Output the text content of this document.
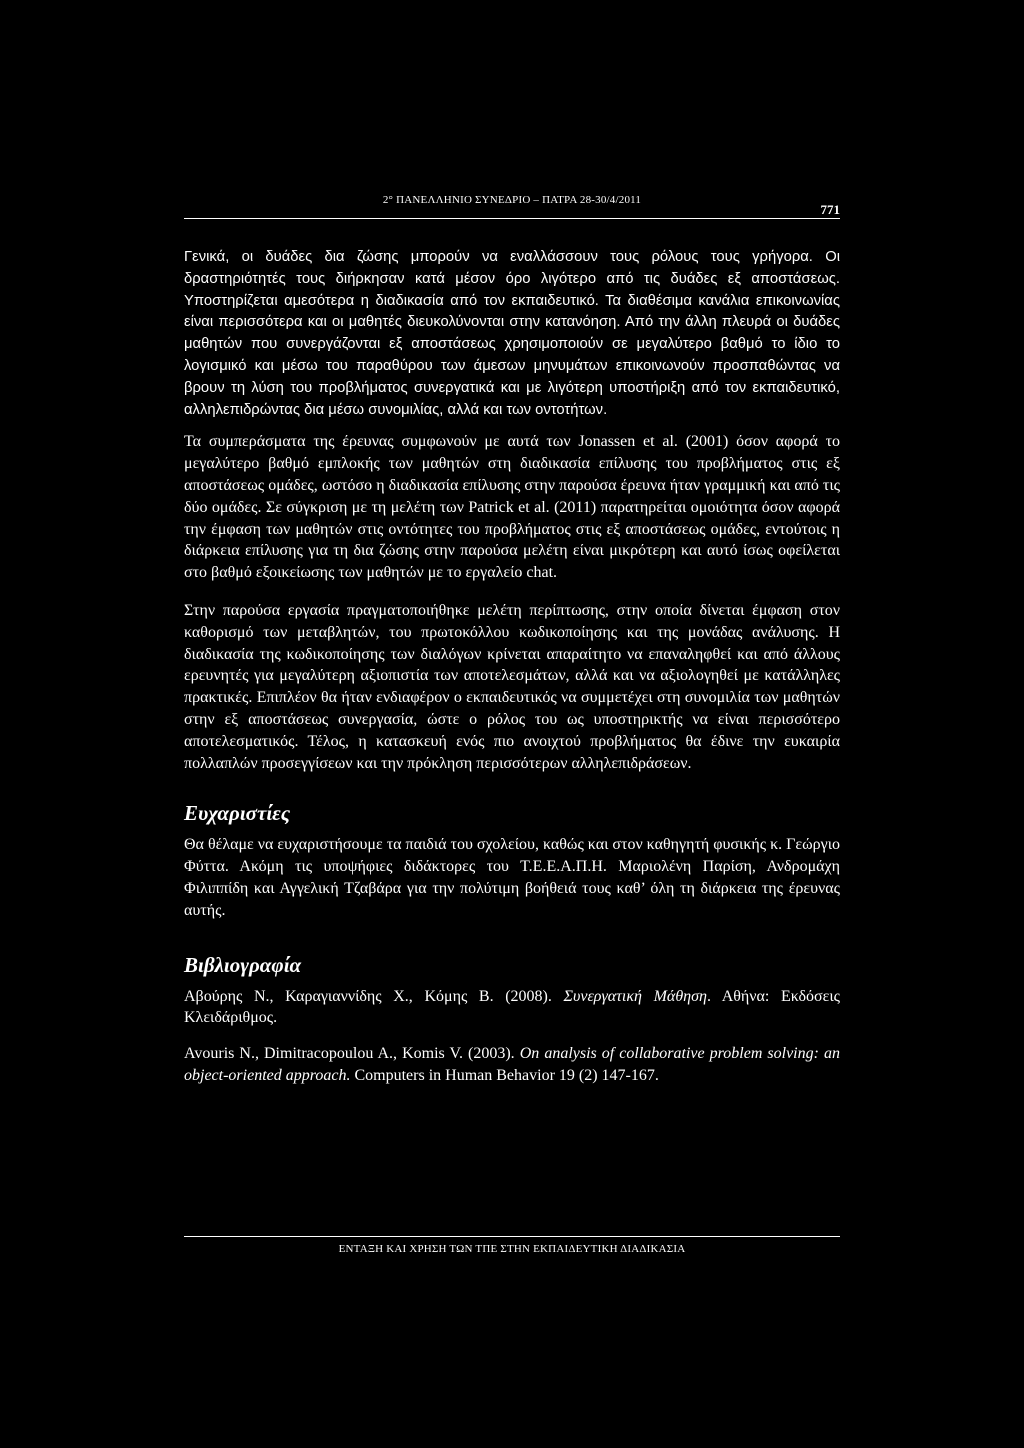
2° ΠΑΝΕΛΛΗΝΙΟ ΣΥΝΕΔΡΙΟ – ΠΑΤΡΑ 28-30/4/2011
771

Γενικά, οι δυάδες δια ζώσης μπορούν να εναλλάσσουν τους ρόλους τους γρήγορα. Οι δραστηριότητές τους διήρκησαν κατά μέσον όρο λιγότερο από τις δυάδες εξ αποστάσεως. Υποστηρίζεται αμεσότερα η διαδικασία από τον εκπαιδευτικό. Τα διαθέσιμα κανάλια επικοινωνίας είναι περισσότερα και οι μαθητές διευκολύνονται στην κατανόηση. Από την άλλη πλευρά οι δυάδες μαθητών που συνεργάζονται εξ αποστάσεως χρησιμοποιούν σε μεγαλύτερο βαθμό το ίδιο το λογισμικό και μέσω του παραθύρου των άμεσων μηνυμάτων επικοινωνούν προσπαθώντας να βρουν τη λύση του προβλήματος συνεργατικά και με λιγότερη υποστήριξη από τον εκπαιδευτικό, αλληλεπιδρώντας δια μέσω συνομιλίας, αλλά και των οντοτήτων.

Τα συμπεράσματα της έρευνας συμφωνούν με αυτά των Jonassen et al. (2001) όσον αφορά το μεγαλύτερο βαθμό εμπλοκής των μαθητών στη διαδικασία επίλυσης του προβλήματος στις εξ αποστάσεως ομάδες, ωστόσο η διαδικασία επίλυσης στην παρούσα έρευνα ήταν γραμμική και από τις δύο ομάδες. Σε σύγκριση με τη μελέτη των Patrick et al. (2011) παρατηρείται ομοιότητα όσον αφορά την έμφαση των μαθητών στις οντότητες του προβλήματος στις εξ αποστάσεως ομάδες, εντούτοις η διάρκεια επίλυσης για τη δια ζώσης στην παρούσα μελέτη είναι μικρότερη και αυτό ίσως οφείλεται στο βαθμό εξοικείωσης των μαθητών με το εργαλείο chat.

Στην παρούσα εργασία πραγματοποιήθηκε μελέτη περίπτωσης, στην οποία δίνεται έμφαση στον καθορισμό των μεταβλητών, του πρωτοκόλλου κωδικοποίησης και της μονάδας ανάλυσης. Η διαδικασία της κωδικοποίησης των διαλόγων κρίνεται απαραίτητο να επαναληφθεί και από άλλους ερευνητές για μεγαλύτερη αξιοπιστία των αποτελεσμάτων, αλλά και να αξιολογηθεί με κατάλληλες πρακτικές. Επιπλέον θα ήταν ενδιαφέρον ο εκπαιδευτικός να συμμετέχει στη συνομιλία των μαθητών στην εξ αποστάσεως συνεργασία, ώστε ο ρόλος του ως υποστηρικτής να είναι περισσότερο αποτελεσματικός. Τέλος, η κατασκευή ενός πιο ανοιχτού προβλήματος θα έδινε την ευκαιρία πολλαπλών προσεγγίσεων και την πρόκληση περισσότερων αλληλεπιδράσεων.

Ευχαριστίες

Θα θέλαμε να ευχαριστήσουμε τα παιδιά του σχολείου, καθώς και στον καθηγητή φυσικής κ. Γεώργιο Φύττα. Ακόμη τις υποψήφιες διδάκτορες του Τ.Ε.Ε.Α.Π.Η. Μαριολένη Παρίση, Ανδρομάχη Φιλιππίδη και Αγγελική Τζαβάρα για την πολύτιμη βοήθειά τους καθ’ όλη τη διάρκεια της έρευνας αυτής.

Βιβλιογραφία

Αβούρης Ν., Καραγιαννίδης Χ., Κόμης Β. (2008). Συνεργατική Μάθηση. Αθήνα: Εκδόσεις Κλειδάριθμος.

Avouris N., Dimitracopoulou A., Komis V. (2003). On analysis of collaborative problem solving: an object-oriented approach. Computers in Human Behavior 19 (2) 147-167.

ΕΝΤΑΞΗ ΚΑΙ ΧΡΗΣΗ ΤΩΝ ΤΠΕ ΣΤΗΝ ΕΚΠΑΙΔΕΥΤΙΚΗ ΔΙΑΔΙΚΑΣΙΑ
